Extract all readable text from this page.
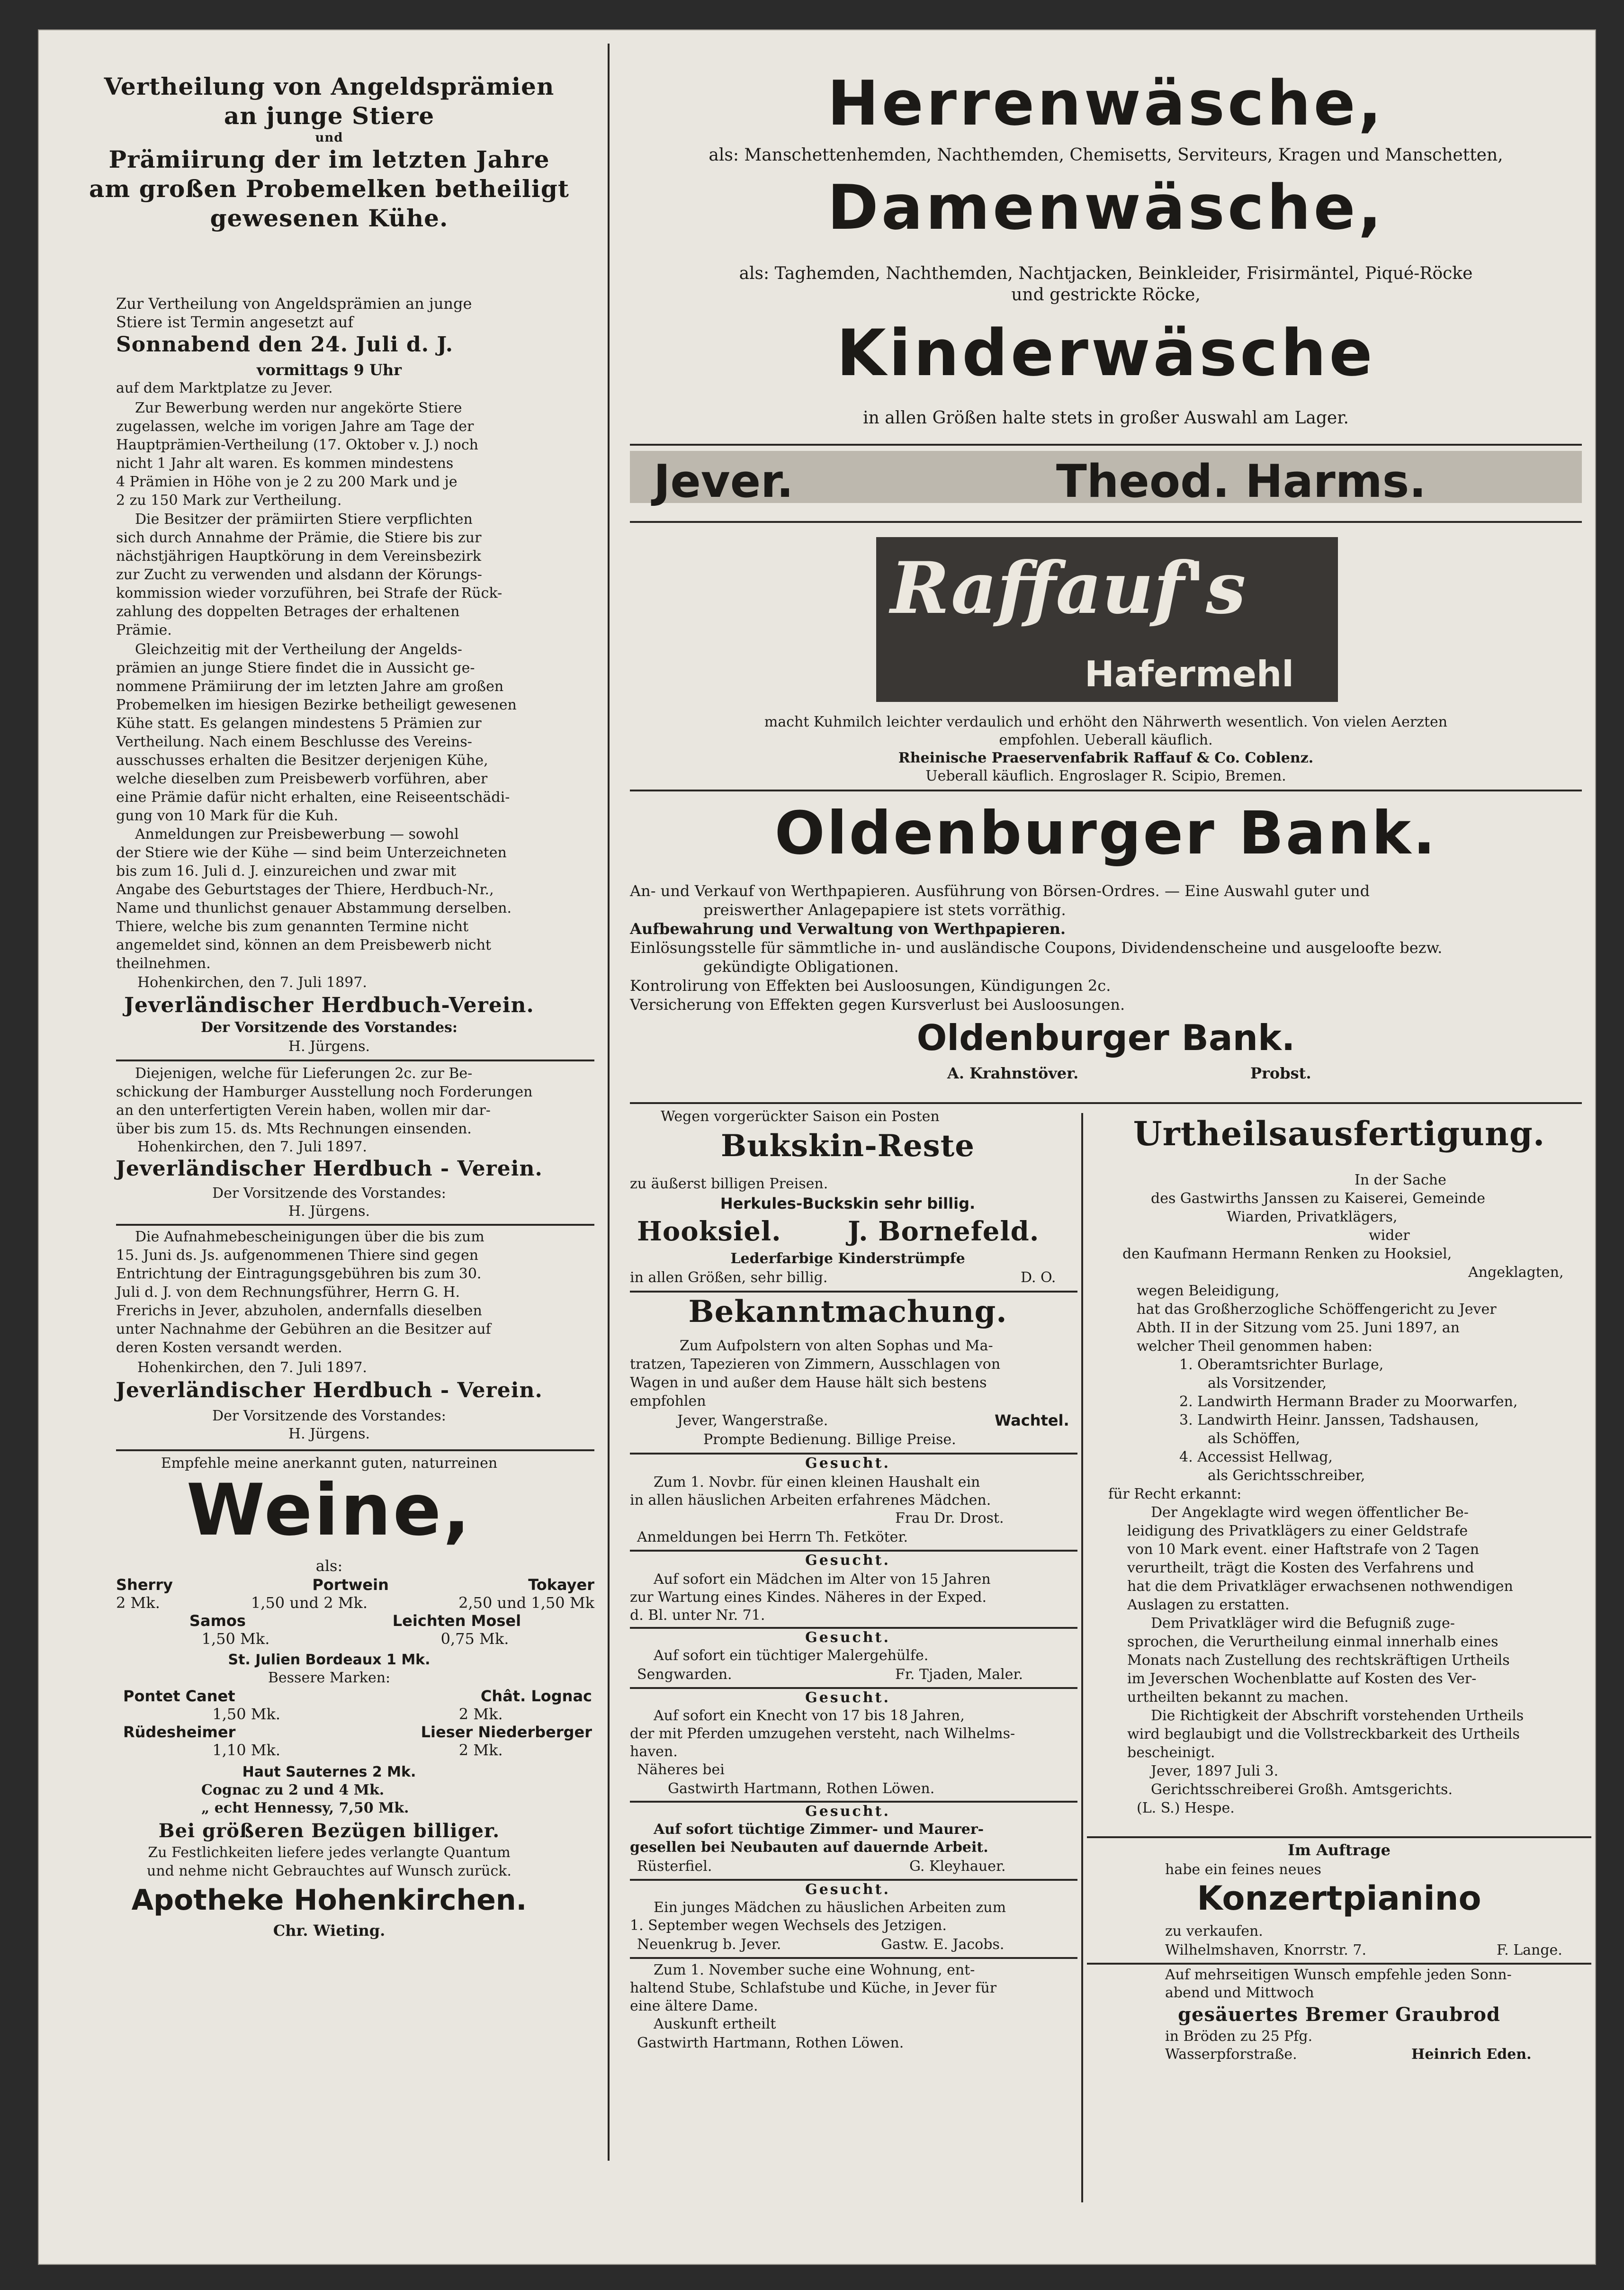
Vertheilung von Angeldsprämien
an junge Stiere
und
Prämiirung der im letzten Jahre
am großen Probemelken betheiligt
gewesenen Kühe.
Zur Vertheilung von Angeldsprämien an junge
Stiere ist Termin angesetzt auf
Sonnabend den 24. Juli d. J.
vormittags 9 Uhr
auf dem Marktplatze zu Jever.

Zur Bewerbung werden nur angekörte Stiere

zugelassen, welche im vorigen Jahre am Tage der

Hauptprämien-Vertheilung (17. Oktober v. J.) noch

nicht 1 Jahr alt waren. Es kommen mindestens

4 Prämien in Höhe von je 2 zu 200 Mark und je

2 zu 150 Mark zur Vertheilung.

Die Besitzer der prämiirten Stiere verpflichten

sich durch Annahme der Prämie, die Stiere bis zur

nächstjährigen Hauptkörung in dem Vereinsbezirk

zur Zucht zu verwenden und alsdann der Körungs-

kommission wieder vorzuführen, bei Strafe der Rück-

zahlung des doppelten Betrages der erhaltenen

Prämie.

Gleichzeitig mit der Vertheilung der Angelds-

prämien an junge Stiere findet die in Aussicht ge-

nommene Prämiirung der im letzten Jahre am großen

Probemelken im hiesigen Bezirke betheiligt gewesenen

Kühe statt. Es gelangen mindestens 5 Prämien zur

Vertheilung. Nach einem Beschlusse des Vereins-

ausschusses erhalten die Besitzer derjenigen Kühe,

welche dieselben zum Preisbewerb vorführen, aber

eine Prämie dafür nicht erhalten, eine Reiseentschädi-

gung von 10 Mark für die Kuh.

Anmeldungen zur Preisbewerbung — sowohl

der Stiere wie der Kühe — sind beim Unterzeichneten

bis zum 16. Juli d. J. einzureichen und zwar mit

Angabe des Geburtstages der Thiere, Herdbuch-Nr.,

Name und thunlichst genauer Abstammung derselben.

Thiere, welche bis zum genannten Termine nicht

angemeldet sind, können an dem Preisbewerb nicht

theilnehmen.

Hohenkirchen, den 7. Juli 1897.
Jeverländischer Herdbuch-Verein.
Der Vorsitzende des Vorstandes:
H. Jürgens.

Diejenigen, welche für Lieferungen 2c. zur Be-

schickung der Hamburger Ausstellung noch Forderungen

an den unterfertigten Verein haben, wollen mir dar-

über bis zum 15. ds. Mts Rechnungen einsenden.

Hohenkirchen, den 7. Juli 1897.
Jeverländischer Herdbuch - Verein.
Der Vorsitzende des Vorstandes:
H. Jürgens.

Die Aufnahmebescheinigungen über die bis zum

15. Juni ds. Js. aufgenommenen Thiere sind gegen

Entrichtung der Eintragungsgebühren bis zum 30.

Juli d. J. von dem Rechnungsführer, Herrn G. H.

Frerichs in Jever, abzuholen, andernfalls dieselben

unter Nachnahme der Gebühren an die Besitzer auf

deren Kosten versandt werden.

Hohenkirchen, den 7. Juli 1897.
Jeverländischer Herdbuch - Verein.
Der Vorsitzende des Vorstandes:
H. Jürgens.
Empfehle meine anerkannt guten, naturreinen
Weine,
als:
Sherry	Portwein	Tokayer
2 Mk.	1,50 und 2 Mk.	2,50 und 1,50 Mk
Samos	Leichten Mosel
1,50 Mk.	0,75 Mk.
St. Julien Bordeaux 1 Mk.
Bessere Marken:
Pontet Canet	Chât. Lognac
1,50 Mk.	2 Mk.
Rüdesheimer	Lieser Niederberger
1,10 Mk.	2 Mk.
Haut Sauternes 2 Mk.
Cognac zu 2 und 4 Mk.
„ echt Hennessy, 7,50 Mk.
Bei größeren Bezügen billiger.
Zu Festlichkeiten liefere jedes verlangte Quantum
und nehme nicht Gebrauchtes auf Wunsch zurück.
Apotheke Hohenkirchen.
Chr. Wieting.
Herrenwäsche,
als: Manschettenhemden, Nachthemden, Chemisetts, Serviteurs, Kragen und Manschetten,
Damenwäsche,
als: Taghemden, Nachthemden, Nachtjacken, Beinkleider, Frisirmäntel, Piqué-Röcke
und gestrickte Röcke,
Kinderwäsche
in allen Größen halte stets in großer Auswahl am Lager.
Jever.	Theod. Harms.
Raffauf's
Hafermehl
macht Kuhmilch leichter verdaulich und erhöht den Nährwerth wesentlich. Von vielen Aerzten
empfohlen. Ueberall käuflich.
Rheinische Praeservenfabrik Raffauf & Co. Coblenz.
Ueberall käuflich. Engroslager R. Scipio, Bremen.
Oldenburger Bank.
An- und Verkauf von Werthpapieren. Ausführung von Börsen-Ordres. — Eine Auswahl guter und
preiswerther Anlagepapiere ist stets vorräthig.
Aufbewahrung und Verwaltung von Werthpapieren.
Einlösungsstelle für sämmtliche in- und ausländische Coupons, Dividendenscheine und ausgeloofte bezw.
gekündigte Obligationen.
Kontrolirung von Effekten bei Ausloosungen, Kündigungen 2c.
Versicherung von Effekten gegen Kursverlust bei Ausloosungen.
Oldenburger Bank.
A. Krahnstöver.	Probst.
Wegen vorgerückter Saison ein Posten
Bukskin-Reste
zu äußerst billigen Preisen.
Herkules-Buckskin sehr billig.
Hooksiel.	J. Bornefeld.
Lederfarbige Kinderstrümpfe
in allen Größen, sehr billig.	D. O.
Bekanntmachung.

Zum Aufpolstern von alten Sophas und Ma-

tratzen, Tapezieren von Zimmern, Ausschlagen von

Wagen in und außer dem Hause hält sich bestens

empfohlen

Jever, Wangerstraße.	Wachtel.
Prompte Bedienung. Billige Preise.
Gesucht.
Zum 1. Novbr. für einen kleinen Haushalt ein
in allen häuslichen Arbeiten erfahrenes Mädchen.
Frau Dr. Drost.
Anmeldungen bei Herrn Th. Fetköter.
Gesucht.
Auf sofort ein Mädchen im Alter von 15 Jahren
zur Wartung eines Kindes. Näheres in der Exped.
d. Bl. unter Nr. 71.
Gesucht.
Auf sofort ein tüchtiger Malergehülfe.
Sengwarden.	Fr. Tjaden, Maler.
Gesucht.
Auf sofort ein Knecht von 17 bis 18 Jahren,
der mit Pferden umzugehen versteht, nach Wilhelms-
haven.
Näheres bei
Gastwirth Hartmann, Rothen Löwen.
Gesucht.
Auf sofort tüchtige Zimmer- und Maurer-
gesellen bei Neubauten auf dauernde Arbeit.
Rüsterfiel.	G. Kleyhauer.
Gesucht.
Ein junges Mädchen zu häuslichen Arbeiten zum
1. September wegen Wechsels des Jetzigen.
Neuenkrug b. Jever.	Gastw. E. Jacobs.
Zum 1. November suche eine Wohnung, ent-
haltend Stube, Schlafstube und Küche, in Jever für
eine ältere Dame.
Auskunft ertheilt
Gastwirth Hartmann, Rothen Löwen.
Urtheilsausfertigung.
In der Sache
des Gastwirths Janssen zu Kaiserei, Gemeinde
Wiarden, Privatklägers,
wider
den Kaufmann Hermann Renken zu Hooksiel,
Angeklagten,
wegen Beleidigung,
hat das Großherzogliche Schöffengericht zu Jever
Abth. II in der Sitzung vom 25. Juni 1897, an
welcher Theil genommen haben:
1. Oberamtsrichter Burlage,
als Vorsitzender,
2. Landwirth Hermann Brader zu Moorwarfen,
3. Landwirth Heinr. Janssen, Tadshausen,
als Schöffen,
4. Accessist Hellwag,
als Gerichtsschreiber,
für Recht erkannt:
Der Angeklagte wird wegen öffentlicher Be-
leidigung des Privatklägers zu einer Geldstrafe
von 10 Mark event. einer Haftstrafe von 2 Tagen
verurtheilt, trägt die Kosten des Verfahrens und
hat die dem Privatkläger erwachsenen nothwendigen
Auslagen zu erstatten.
Dem Privatkläger wird die Befugniß zuge-
sprochen, die Verurtheilung einmal innerhalb eines
Monats nach Zustellung des rechtskräftigen Urtheils
im Jeverschen Wochenblatte auf Kosten des Ver-
urtheilten bekannt zu machen.
Die Richtigkeit der Abschrift vorstehenden Urtheils
wird beglaubigt und die Vollstreckbarkeit des Urtheils
bescheinigt.
Jever, 1897 Juli 3.
Gerichtsschreiberei Großh. Amtsgerichts.
(L. S.) Hespe.
Im Auftrage
habe ein feines neues
Konzertpianino
zu verkaufen.
Wilhelmshaven, Knorrstr. 7.	F. Lange.
Auf mehrseitigen Wunsch empfehle jeden Sonn-
abend und Mittwoch
gesäuertes Bremer Graubrod
in Bröden zu 25 Pfg.
Wasserpforstraße.	Heinrich Eden.
